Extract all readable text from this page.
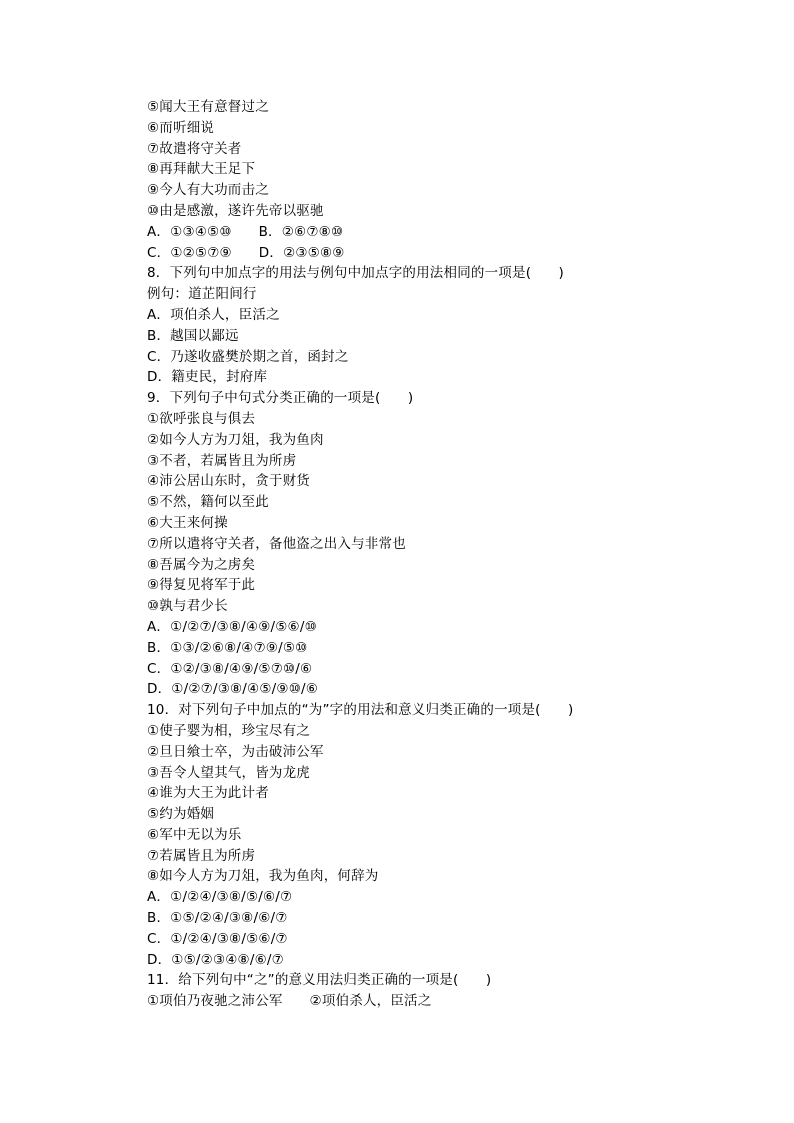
⑤闻大王有意督过之
⑥而听细说
⑦故遣将守关者
⑧再拜献大王足下
⑨今人有大功而击之
⑩由是感激，遂许先帝以驱驰
A．①③④⑤⑩      B．②⑥⑦⑧⑩
C．①②⑤⑦⑨      D．②③⑤⑧⑨
8．下列句中加点字的用法与例句中加点字的用法相同的一项是(　　)
例句：道芷阳间行
A．项伯杀人，臣活之
B．越国以鄙远
C．乃遂收盛樊於期之首，函封之
D．籍吏民，封府库
9．下列句子中句式分类正确的一项是(　　)
①欲呼张良与俱去
②如今人方为刀俎，我为鱼肉
③不者，若属皆且为所虏
④沛公居山东时，贪于财货
⑤不然，籍何以至此
⑥大王来何操
⑦所以遣将守关者，备他盗之出入与非常也
⑧吾属今为之虏矣
⑨得复见将军于此
⑩孰与君少长
A．①/②⑦/③⑧/④⑨/⑤⑥/⑩
B．①③/②⑥⑧/④⑦⑨/⑤⑩
C．①②/③⑧/④⑨/⑤⑦⑩/⑥
D．①/②⑦/③⑧/④⑤/⑨⑩/⑥
10．对下列句子中加点的“为”字的用法和意义归类正确的一项是(　　)
①使子婴为相，珍宝尽有之
②旦日飨士卒，为击破沛公军
③吾令人望其气，皆为龙虎
④谁为大王为此计者
⑤约为婚姻
⑥军中无以为乐
⑦若属皆且为所虏
⑧如今人方为刀俎，我为鱼肉，何辞为
A．①/②④/③⑧/⑤/⑥/⑦
B．①⑤/②④/③⑧/⑥/⑦
C．①/②④/③⑧/⑤⑥/⑦
D．①⑤/②③④⑧/⑥/⑦
11．给下列句中“之”的意义用法归类正确的一项是(　　)
①项伯乃夜驰之沛公军      ②项伯杀人，臣活之
